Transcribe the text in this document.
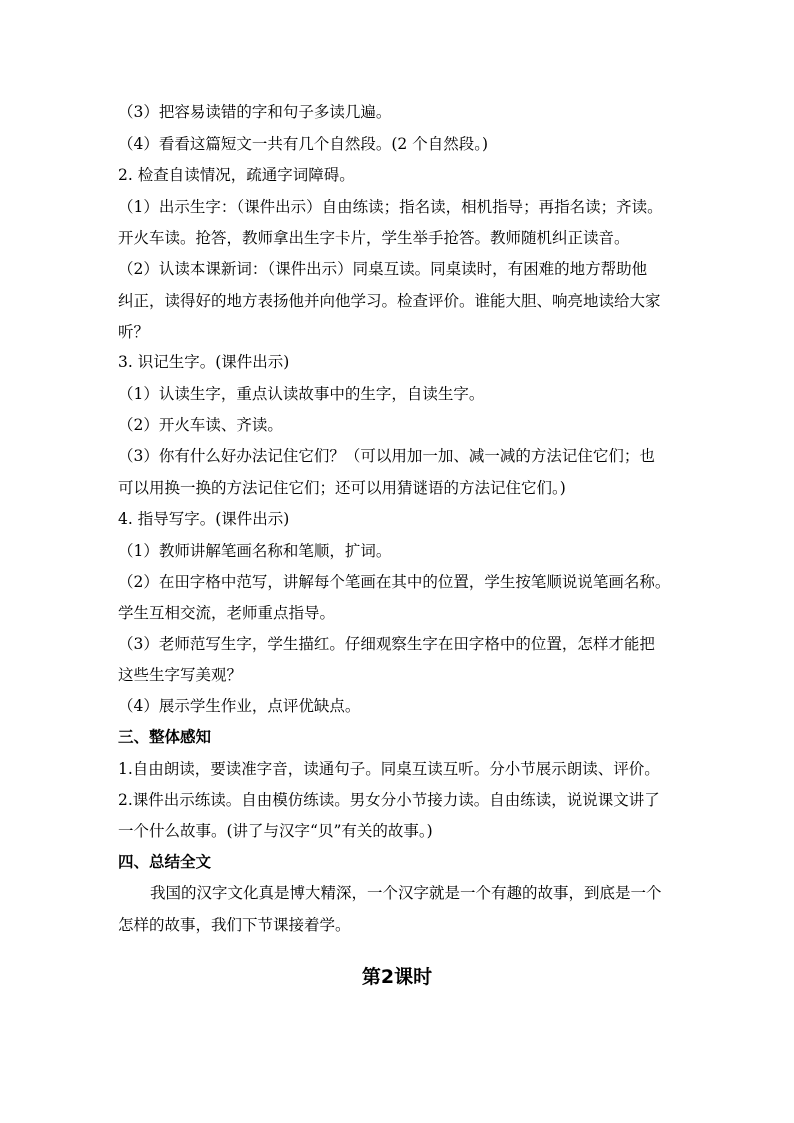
（3）把容易读错的字和句子多读几遍。
（4）看看这篇短文一共有几个自然段。(2 个自然段。)
2. 检查自读情况，疏通字词障碍。
（1）出示生字：（课件出示）自由练读；指名读，相机指导；再指名读；齐读。
开火车读。抢答，教师拿出生字卡片，学生举手抢答。教师随机纠正读音。
（2）认读本课新词：（课件出示）同桌互读。同桌读时，有困难的地方帮助他
纠正，读得好的地方表扬他并向他学习。检查评价。谁能大胆、响亮地读给大家
听？
3. 识记生字。(课件出示)
（1）认读生字，重点认读故事中的生字，自读生字。
（2）开火车读、齐读。
（3）你有什么好办法记住它们？（可以用加一加、减一减的方法记住它们；也
可以用换一换的方法记住它们；还可以用猜谜语的方法记住它们。)
4. 指导写字。(课件出示)
（1）教师讲解笔画名称和笔顺，扩词。
（2）在田字格中范写，讲解每个笔画在其中的位置，学生按笔顺说说笔画名称。
学生互相交流，老师重点指导。
（3）老师范写生字，学生描红。仔细观察生字在田字格中的位置，怎样才能把
这些生字写美观？
（4）展示学生作业，点评优缺点。
三、整体感知
1.自由朗读，要读准字音，读通句子。同桌互读互听。分小节展示朗读、评价。
2.课件出示练读。自由模仿练读。男女分小节接力读。自由练读，说说课文讲了
一个什么故事。(讲了与汉字“贝”有关的故事。)
四、总结全文
我国的汉字文化真是博大精深，一个汉字就是一个有趣的故事，到底是一个
怎样的故事，我们下节课接着学。
第2课时
